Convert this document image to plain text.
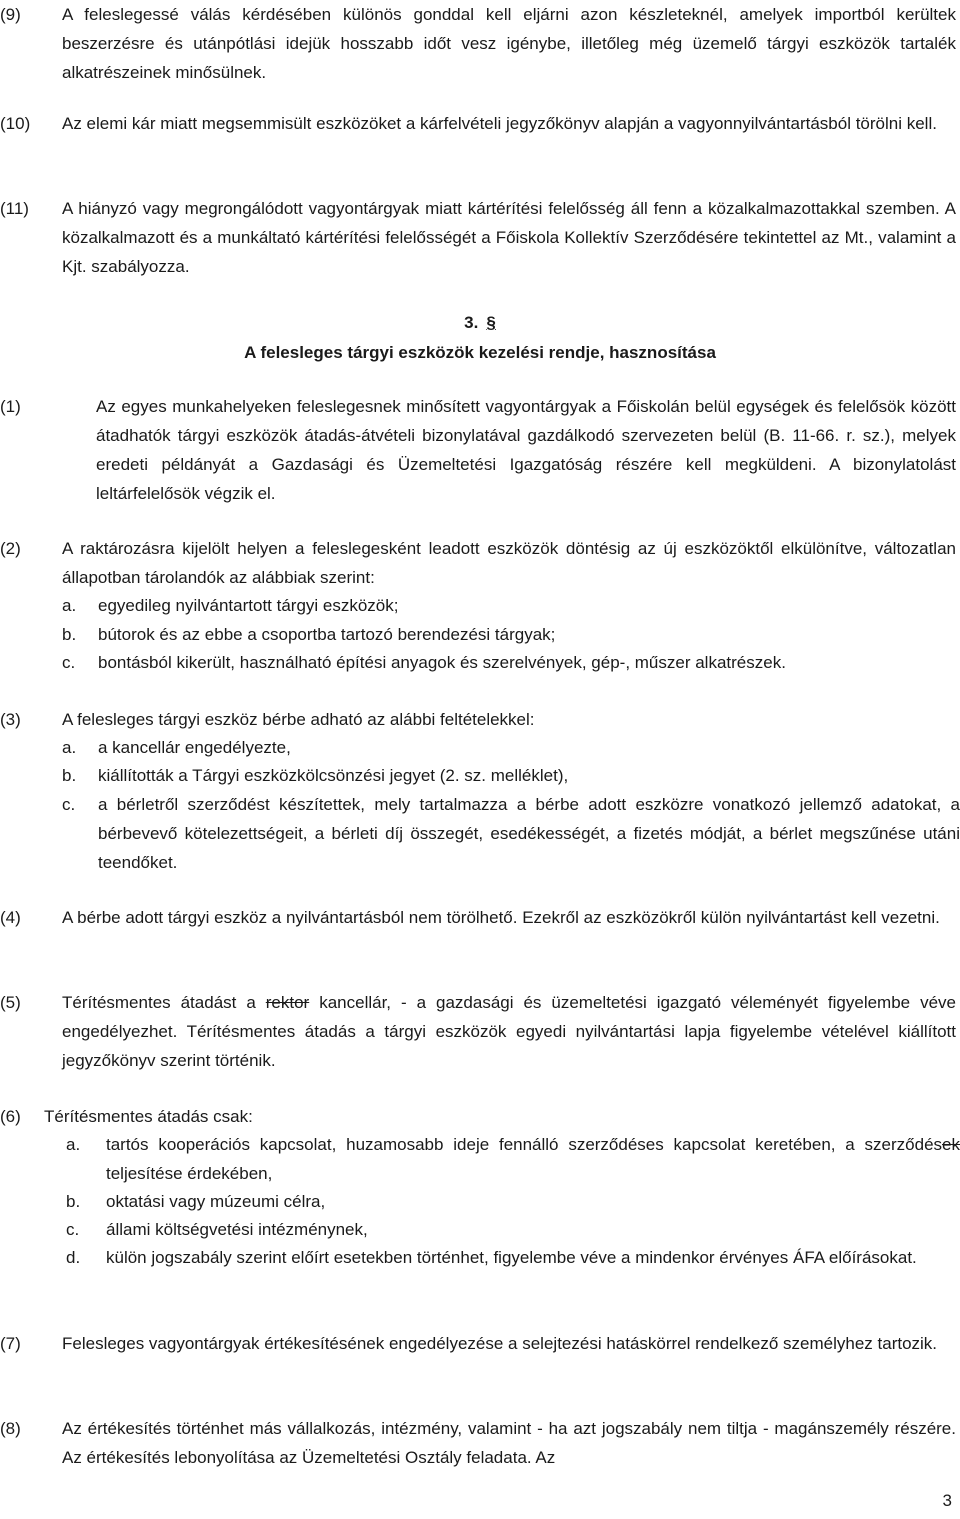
(9) A feleslegessé válás kérdésében különös gonddal kell eljárni azon készleteknél, amelyek importból kerültek beszerzésre és utánpótlási idejük hosszabb időt vesz igénybe, illetőleg még üzemelő tárgyi eszközök tartalék alkatrészeinek minősülnek.
(10) Az elemi kár miatt megsemmisült eszközöket a kárfelvételi jegyzőkönyv alapján a vagyonnyilvántartásból törölni kell.
(11) A hiányzó vagy megrongálódott vagyontárgyak miatt kártérítési felelősség áll fenn a közalkalmazottakkal szemben. A közalkalmazott és a munkáltató kártérítési felelősségét a Főiskola Kollektív Szerződésére tekintettel az Mt., valamint a Kjt. szabályozza.
3. §
A felesleges tárgyi eszközök kezelési rendje, hasznosítása
(1)	Az egyes munkahelyeken feleslegesnek minősített vagyontárgyak a Főiskolán belül egységek és felelősök között átadhatók tárgyi eszközök átadás-átvételi bizonylatával gazdálkodó szervezeten belül (B. 11-66. r. sz.), melyek eredeti példányát a Gazdasági és Üzemeltetési Igazgatóság részére kell megküldeni. A bizonylatolást leltárfelelősök végzik el.
(2) A raktározásra kijelölt helyen a feleslegesként leadott eszközök döntésig az új eszközöktől elkülönítve, változatlan állapotban tárolandók az alábbiak szerint:
a.	egyedileg nyilvántartott tárgyi eszközök;
b.	bútorok és az ebbe a csoportba tartozó berendezési tárgyak;
c.	bontásból kikerült, használható építési anyagok és szerelvények, gép-, műszer alkatrészek.
(3) A felesleges tárgyi eszköz bérbe adható az alábbi feltételekkel:
a.	a kancellár engedélyezte,
b.	kiállították a Tárgyi eszközkölcsönzési jegyet (2. sz. melléklet),
c.	a bérletről szerződést készítettek, mely tartalmazza a bérbe adott eszközre vonatkozó jellemző adatokat, a bérbevevő kötelezettségeit, a bérleti díj összegét, esedékességét, a fizetés módját, a bérlet megszűnése utáni teendőket.
(4)	A bérbe adott tárgyi eszköz a nyilvántartásból nem törölhető. Ezekről az eszközökről külön nyilvántartást kell vezetni.
(5) Térítésmentes átadást a rektor kancellár, - a gazdasági és üzemeltetési igazgató véleményét figyelembe véve engedélyezhet. Térítésmentes átadás a tárgyi eszközök egyedi nyilvántartási lapja figyelembe vételével kiállított jegyzőkönyv szerint történik.
(6) Térítésmentes átadás csak:
a.	tartós kooperációs kapcsolat, huzamosabb ideje fennálló szerződéses kapcsolat keretében, a szerződések teljesítése érdekében,
b.	oktatási vagy múzeumi célra,
c.	állami költségvetési intézménynek,
d.	külön jogszabály szerint előírt esetekben történhet, figyelembe véve a mindenkor érvényes ÁFA előírásokat.
(7) Felesleges vagyontárgyak értékesítésének engedélyezése a selejtezési hatáskörrel rendelkező személyhez tartozik.
(8) Az értékesítés történhet más vállalkozás, intézmény, valamint - ha azt jogszabály nem tiltja - magánszemély részére. Az értékesítés lebonyolítása az Üzemeltetési Osztály feladata. Az
3
